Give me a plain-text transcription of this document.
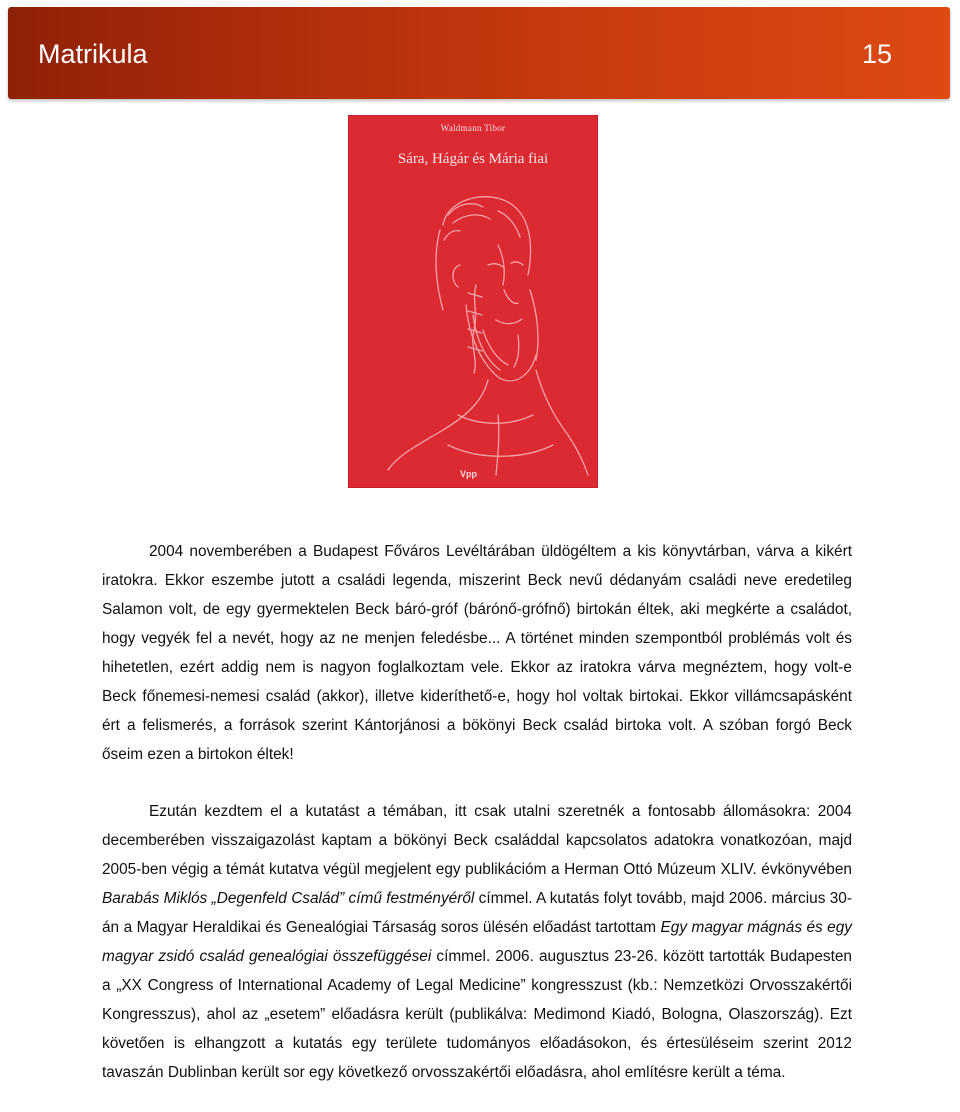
Matrikula	15
Waldmann Tibor
Sára, Hágár és Mária fiai
Vpp

2004 novemberében a Budapest Főváros Levéltárában üldögéltem a kis könyvtárban, várva a kikért iratokra. Ekkor eszembe jutott a családi legenda, miszerint Beck nevű dédanyám családi neve eredetileg Salamon volt, de egy gyermektelen Beck báró-gróf (bárónő-grófnő) birtokán éltek, aki megkérte a családot, hogy vegyék fel a nevét, hogy az ne menjen feledésbe... A történet minden szempontból problémás volt és hihetetlen, ezért addig nem is nagyon foglalkoztam vele. Ekkor az iratokra várva megnéztem, hogy volt-e Beck főnemesi-nemesi család (akkor), illetve kideríthető-e, hogy hol voltak birtokai. Ekkor villámcsapásként ért a felismerés, a források szerint Kántorjánosi a bökönyi Beck család birtoka volt. A szóban forgó Beck őseim ezen a birtokon éltek!

Ezután kezdtem el a kutatást a témában, itt csak utalni szeretnék a fontosabb állomásokra: 2004 decemberében visszaigazolást kaptam a bökönyi Beck családdal kapcsolatos adatokra vonatkozóan, majd 2005-ben végig a témát kutatva végül megjelent egy publikációm a Herman Ottó Múzeum XLIV. évkönyvében Barabás Miklós „Degenfeld Család” című festményéről címmel. A kutatás folyt tovább, majd 2006. március 30-án a Magyar Heraldikai és Genealógiai Társaság soros ülésén előadást tartottam Egy magyar mágnás és egy magyar zsidó család genealógiai összefüggései címmel. 2006. augusztus 23-26. között tartották Budapesten a „XX Congress of International Academy of Legal Medicine” kongresszust (kb.: Nemzetközi Orvosszakértői Kongresszus), ahol az „esetem” előadásra került (publikálva: Medimond Kiadó, Bologna, Olaszország). Ezt követően is elhangzott a kutatás egy területe tudományos előadásokon, és értesüléseim szerint 2012 tavaszán Dublinban került sor egy következő orvosszakértői előadásra, ahol említésre került a téma.
